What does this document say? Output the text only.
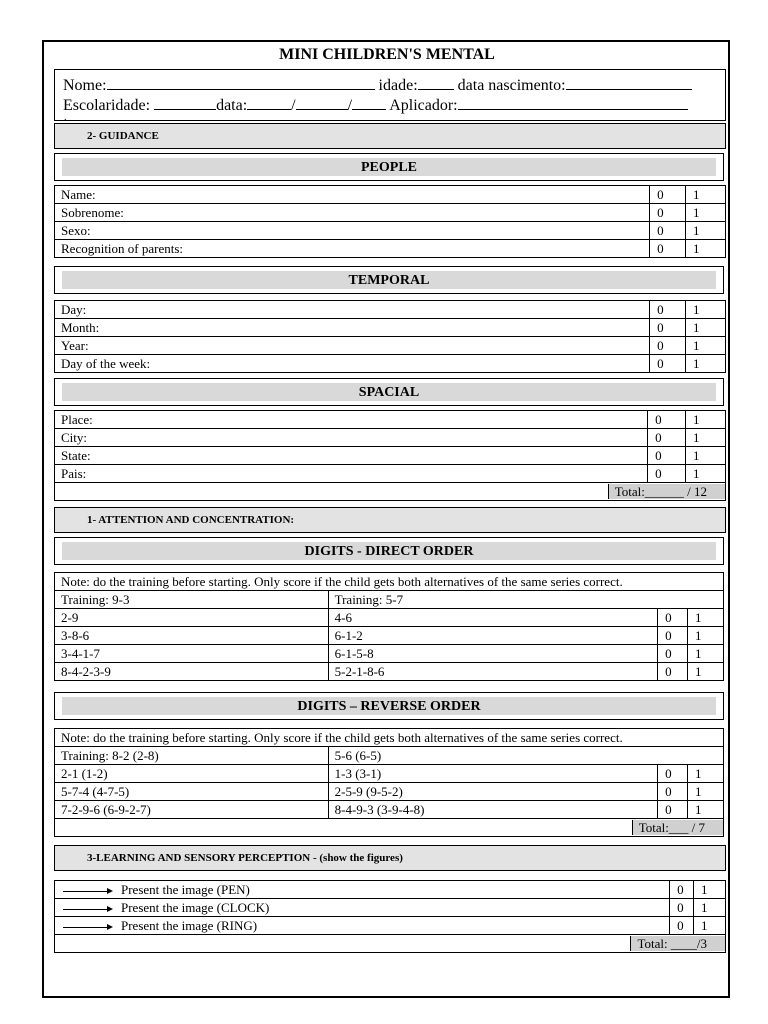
MINI CHILDREN'S MENTAL
Nome:	idade:	data nascimento:
Escolaridade:	data:	/	/ Aplicador:
.
2- GUIDANCE
PEOPLE
Name:	0	1
Sobrenome:	0	1
Sexo:	0	1
Recognition of parents:	0	1
TEMPORAL
Day:	0	1
Month:	0	1
Year:	0	1
Day of the week:	0	1
SPACIAL
Place:	0	1
City:	0	1
State:	0	1
Pais:	0	1
Total:______ / 12		
1- ATTENTION AND CONCENTRATION:
DIGITS - DIRECT ORDER
Note: do the training before starting. Only score if the child gets both alternatives of the same series correct.			
Training: 9-3	Training: 5-7		
2-9	4-6	0	1
3-8-6	6-1-2	0	1
3-4-1-7	6-1-5-8	0	1
8-4-2-3-9	5-2-1-8-6	0	1
DIGITS – REVERSE ORDER
Note: do the training before starting. Only score if the child gets both alternatives of the same series correct.			
Training: 8-2 (2-8)	5-6 (6-5)		
2-1 (1-2)	1-3 (3-1)	0	1
5-7-4 (4-7-5)	2-5-9 (9-5-2)	0	1
7-2-9-6 (6-9-2-7)	8-4-9-3 (3-9-4-8)	0	1
Total:___ / 7			
3-LEARNING AND SENSORY PERCEPTION - (show the figures)
Present the image (PEN)	0	1
Present the image (CLOCK)	0	1
Present the image (RING)	0	1
Total: ____/3		
